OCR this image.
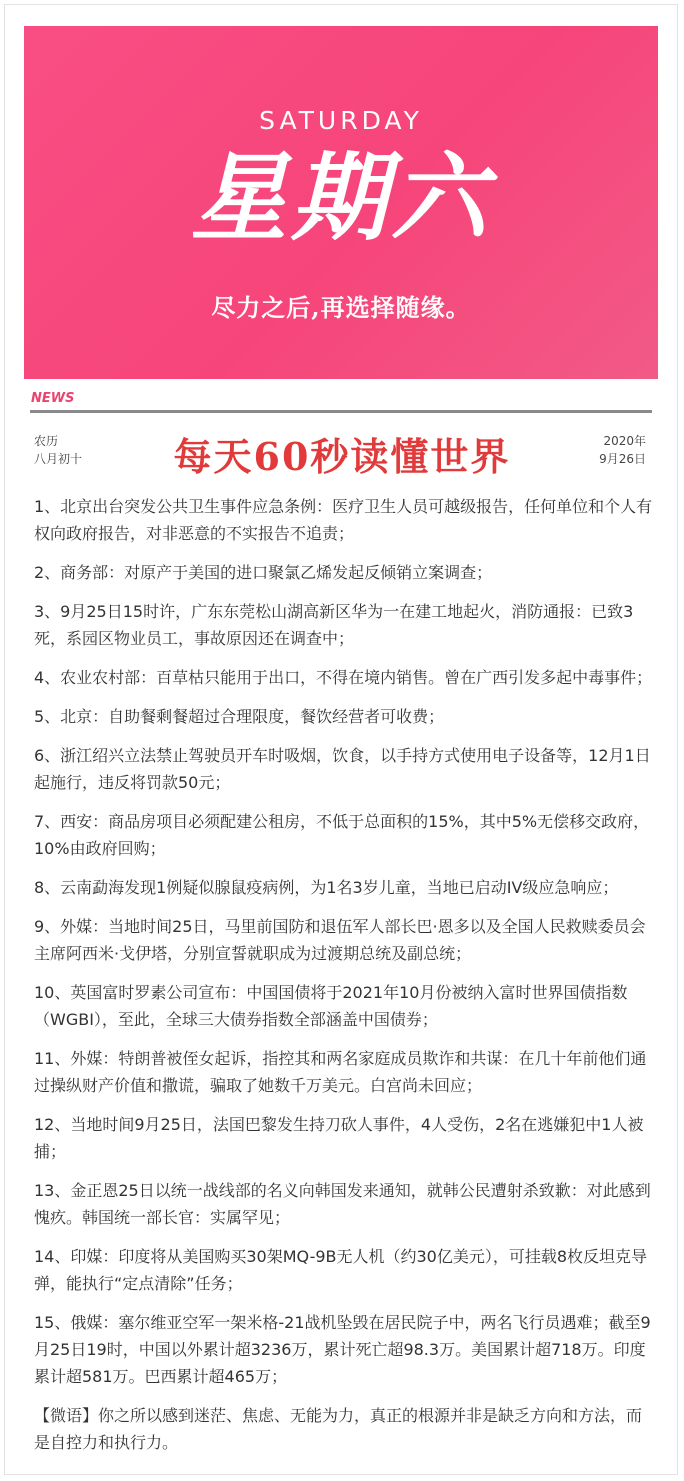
SATURDAY
星期六
尽力之后,再选择随缘。
NEWS
农历
八月初十	每天60秒读懂世界	2020年
9月26日

1、北京出台突发公共卫生事件应急条例：医疗卫生人员可越级报告，任何单位和个人有权向政府报告，对非恶意的不实报告不追责；

2、商务部：对原产于美国的进口聚氯乙烯发起反倾销立案调查；

3、9月25日15时许，广东东莞松山湖高新区华为一在建工地起火，消防通报：已致3死，系园区物业员工，事故原因还在调查中；

4、农业农村部：百草枯只能用于出口，不得在境内销售。曾在广西引发多起中毒事件；

5、北京：自助餐剩餐超过合理限度，餐饮经营者可收费；

6、浙江绍兴立法禁止驾驶员开车时吸烟，饮食，以手持方式使用电子设备等，12月1日起施行，违反将罚款50元；

7、西安：商品房项目必须配建公租房，不低于总面积的15%，其中5%无偿移交政府，10%由政府回购；

8、云南勐海发现1例疑似腺鼠疫病例，为1名3岁儿童，当地已启动IV级应急响应；

9、外媒：当地时间25日，马里前国防和退伍军人部长巴·恩多以及全国人民救赎委员会主席阿西米·戈伊塔，分别宣誓就职成为过渡期总统及副总统；

10、英国富时罗素公司宣布：中国国债将于2021年10月份被纳入富时世界国债指数（WGBI），至此，全球三大债券指数全部涵盖中国债券；

11、外媒：特朗普被侄女起诉，指控其和两名家庭成员欺诈和共谋：在几十年前他们通过操纵财产价值和撒谎，骗取了她数千万美元。白宫尚未回应；

12、当地时间9月25日，法国巴黎发生持刀砍人事件，4人受伤，2名在逃嫌犯中1人被捕；

13、金正恩25日以统一战线部的名义向韩国发来通知，就韩公民遭射杀致歉：对此感到愧疚。韩国统一部长官：实属罕见；

14、印媒：印度将从美国购买30架MQ-9B无人机（约30亿美元），可挂载8枚反坦克导弹，能执行“定点清除”任务；

15、俄媒：塞尔维亚空军一架米格-21战机坠毁在居民院子中，两名飞行员遇难；截至9月25日19时，中国以外累计超3236万，累计死亡超98.3万。美国累计超718万。印度累计超581万。巴西累计超465万；

【微语】你之所以感到迷茫、焦虑、无能为力，真正的根源并非是缺乏方向和方法，而是自控力和执行力。
